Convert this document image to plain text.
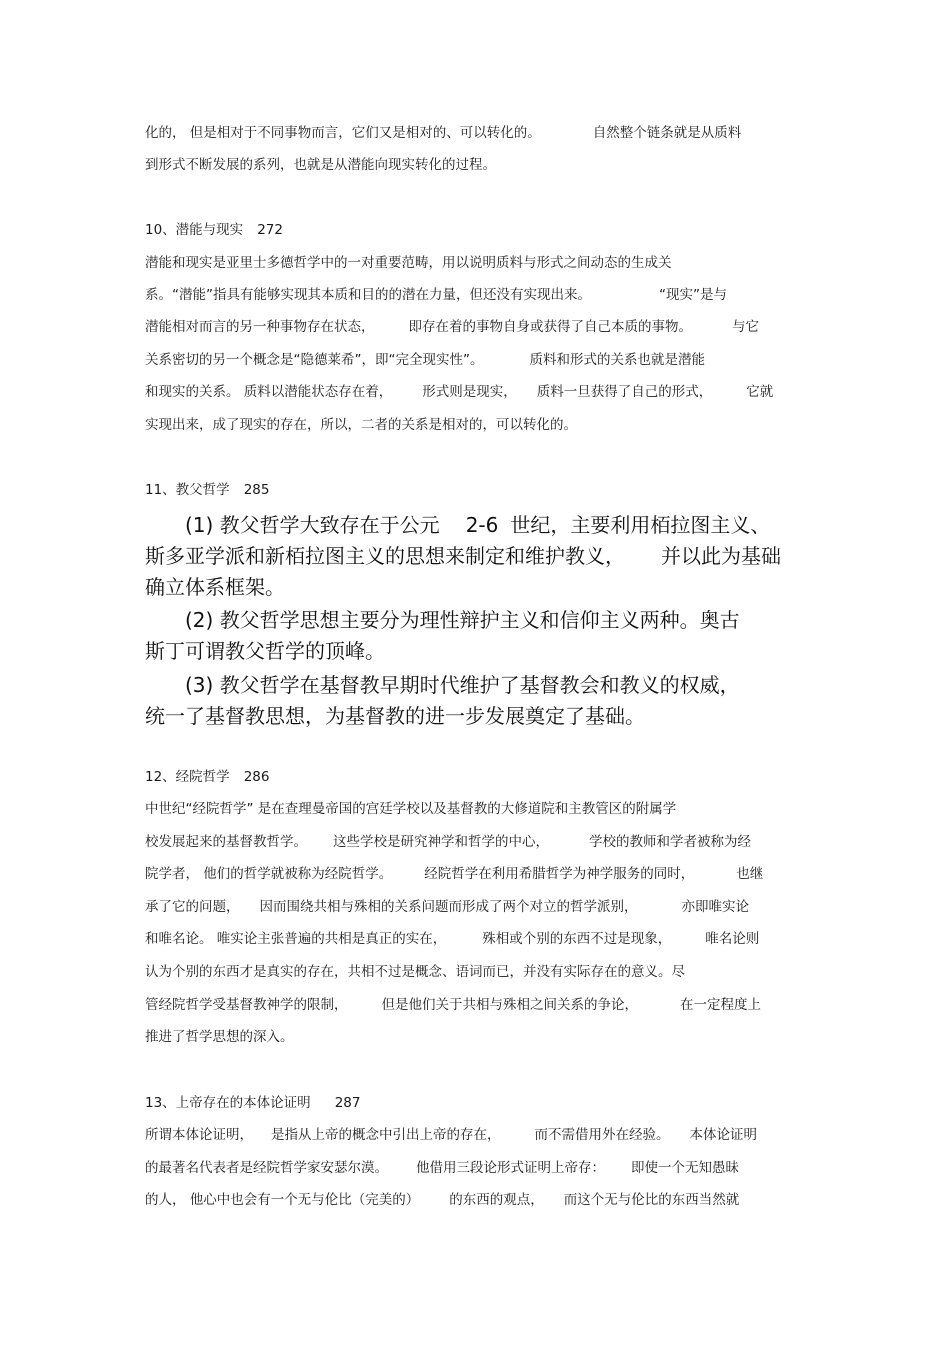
化的， 但是相对于不同事物而言，它们又是相对的、可以转化的。	自然整个链条就是从质料
到形式不断发展的系列，也就是从潜能向现实转化的过程。
10、潜能与现实 272
潜能和现实是亚里士多德哲学中的一对重要范畴，用以说明质料与形式之间动态的生成关
系。“潜能”指具有能够实现其本质和目的的潜在力量，但还没有实现出来。	“现实”是与
潜能相对而言的另一种事物存在状态，	即存在着的事物自身或获得了自己本质的事物。	与它
关系密切的另一个概念是“隐德莱希”，即“完全现实性”。	质料和形式的关系也就是潜能
和现实的关系。 质料以潜能状态存在着， 形式则是现实， 质料一旦获得了自己的形式，	它就
实现出来，成了现实的存在，所以，二者的关系是相对的，可以转化的。
11、教父哲学 285
(1) 教父哲学大致存在于公元 2-6 世纪，主要利用栢拉图主义、
斯多亚学派和新栢拉图主义的思想来制定和维护教义， 并以此为基础
确立体系框架。
(2) 教父哲学思想主要分为理性辩护主义和信仰主义两种。奥古
斯丁可谓教父哲学的顶峰。
(3) 教父哲学在基督教早期时代维护了基督教会和教义的权威，
统一了基督教思想，为基督教的进一步发展奠定了基础。
12、经院哲学 286
中世纪“经院哲学” 是在查理曼帝国的宫廷学校以及基督教的大修道院和主教管区的附属学
校发展起来的基督教哲学。 这些学校是研究神学和哲学的中心，	学校的教师和学者被称为经
院学者， 他们的哲学就被称为经院哲学。 经院哲学在利用希腊哲学为神学服务的同时，	也继
承了它的问题， 因而围绕共相与殊相的关系问题而形成了两个对立的哲学派别，	亦即唯实论
和唯名论。 唯实论主张普遍的共相是真正的实在，	殊相或个别的东西不过是现象，	唯名论则
认为个别的东西才是真实的存在，共相不过是概念、语词而已，并没有实际存在的意义。尽
管经院哲学受基督教神学的限制，	但是他们关于共相与殊相之间关系的争论，	在一定程度上
推进了哲学思想的深入。
13、上帝存在的本体论证明 287
所谓本体论证明， 是指从上帝的概念中引出上帝的存在，	而不需借用外在经验。 本体论证明
的最著名代表者是经院哲学家安瑟尔漠。 他借用三段论形式证明上帝存： 即使一个无知愚昧
的人， 他心中也会有一个无与伦比（完美的） 的东西的观点， 而这个无与伦比的东西当然就
